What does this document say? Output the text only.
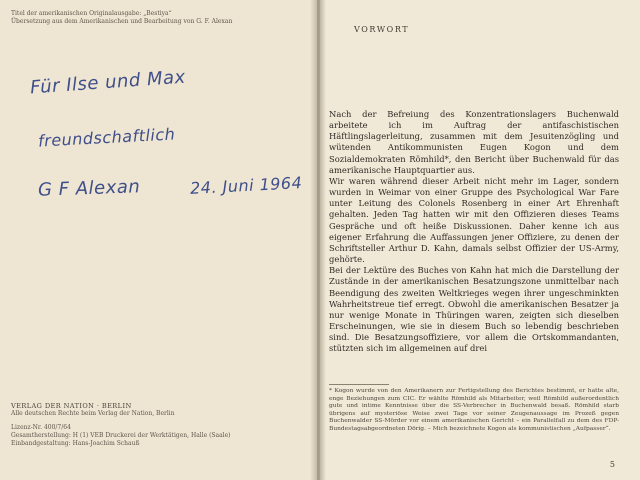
Titel der amerikanischen Originalausgabe: „Bestiya“
Übersetzung aus dem Amerikanischen und Bearbeitung von G. F. Alexan
Für Ilse und Max
freundschaftlich
G F Alexan	24. Juni 1964
VERLAG DER NATION · BERLIN
Alle deutschen Rechte beim Verlag der Nation, Berlin
Lizenz-Nr. 400/7/64
Gesamtherstellung: H (1) VEB Druckerei der Werktätigen, Halle (Saale)
Einbandgestaltung: Hans-Joachim Schauß
VORWORT

Nach der Befreiung des Konzentrationslagers Buchenwald arbeitete ich im Auftrag der antifaschistischen Häftlingslagerleitung, zusammen mit dem Jesuitenzögling und wütenden Antikommunisten Eugen Kogon und dem Sozialdemokraten Römhild*, den Bericht über Buchenwald für das amerikanische Hauptquartier aus.

Wir waren während dieser Arbeit nicht mehr im Lager, sondern wurden in Weimar von einer Gruppe des Psychological War Fare unter Leitung des Colonels Rosenberg in einer Art Ehrenhaft gehalten. Jeden Tag hatten wir mit den Offizieren dieses Teams Gespräche und oft heiße Diskussionen. Daher kenne ich aus eigener Erfahrung die Auffassungen jener Offiziere, zu denen der Schriftsteller Arthur D. Kahn, damals selbst Offizier der US-Army, gehörte.

Bei der Lektüre des Buches von Kahn hat mich die Darstellung der Zustände in der amerikanischen Besatzungszone unmittelbar nach Beendigung des zweiten Weltkrieges wegen ihrer ungeschminkten Wahrheitstreue tief erregt. Obwohl die amerikanischen Besatzer ja nur wenige Monate in Thüringen waren, zeigten sich dieselben Erscheinungen, wie sie in diesem Buch so lebendig beschrieben sind. Die Besatzungsoffiziere, vor allem die Ortskommandanten, stützten sich im allgemeinen auf drei

* Kogon wurde von den Amerikanern zur Fertigstellung des Berichtes bestimmt, er hatte alte, enge Beziehungen zum CIC. Er wählte Römhild als Mitarbeiter, weil Römhild außerordentlich gute und intime Kenntnisse über die SS-Verbrecher in Buchenwald besaß. Römhild starb übrigens auf mysteriöse Weise zwei Tage vor seiner Zeugenaussage im Prozeß gegen Buchenwalder SS-Mörder vor einem amerikanischen Gericht – ein Parallelfall zu dem des FDP-Bundestagsabgeordneten Dörig. – Mich bezeichnete Kogon als kommunistischen „Aufpasser“.
5
